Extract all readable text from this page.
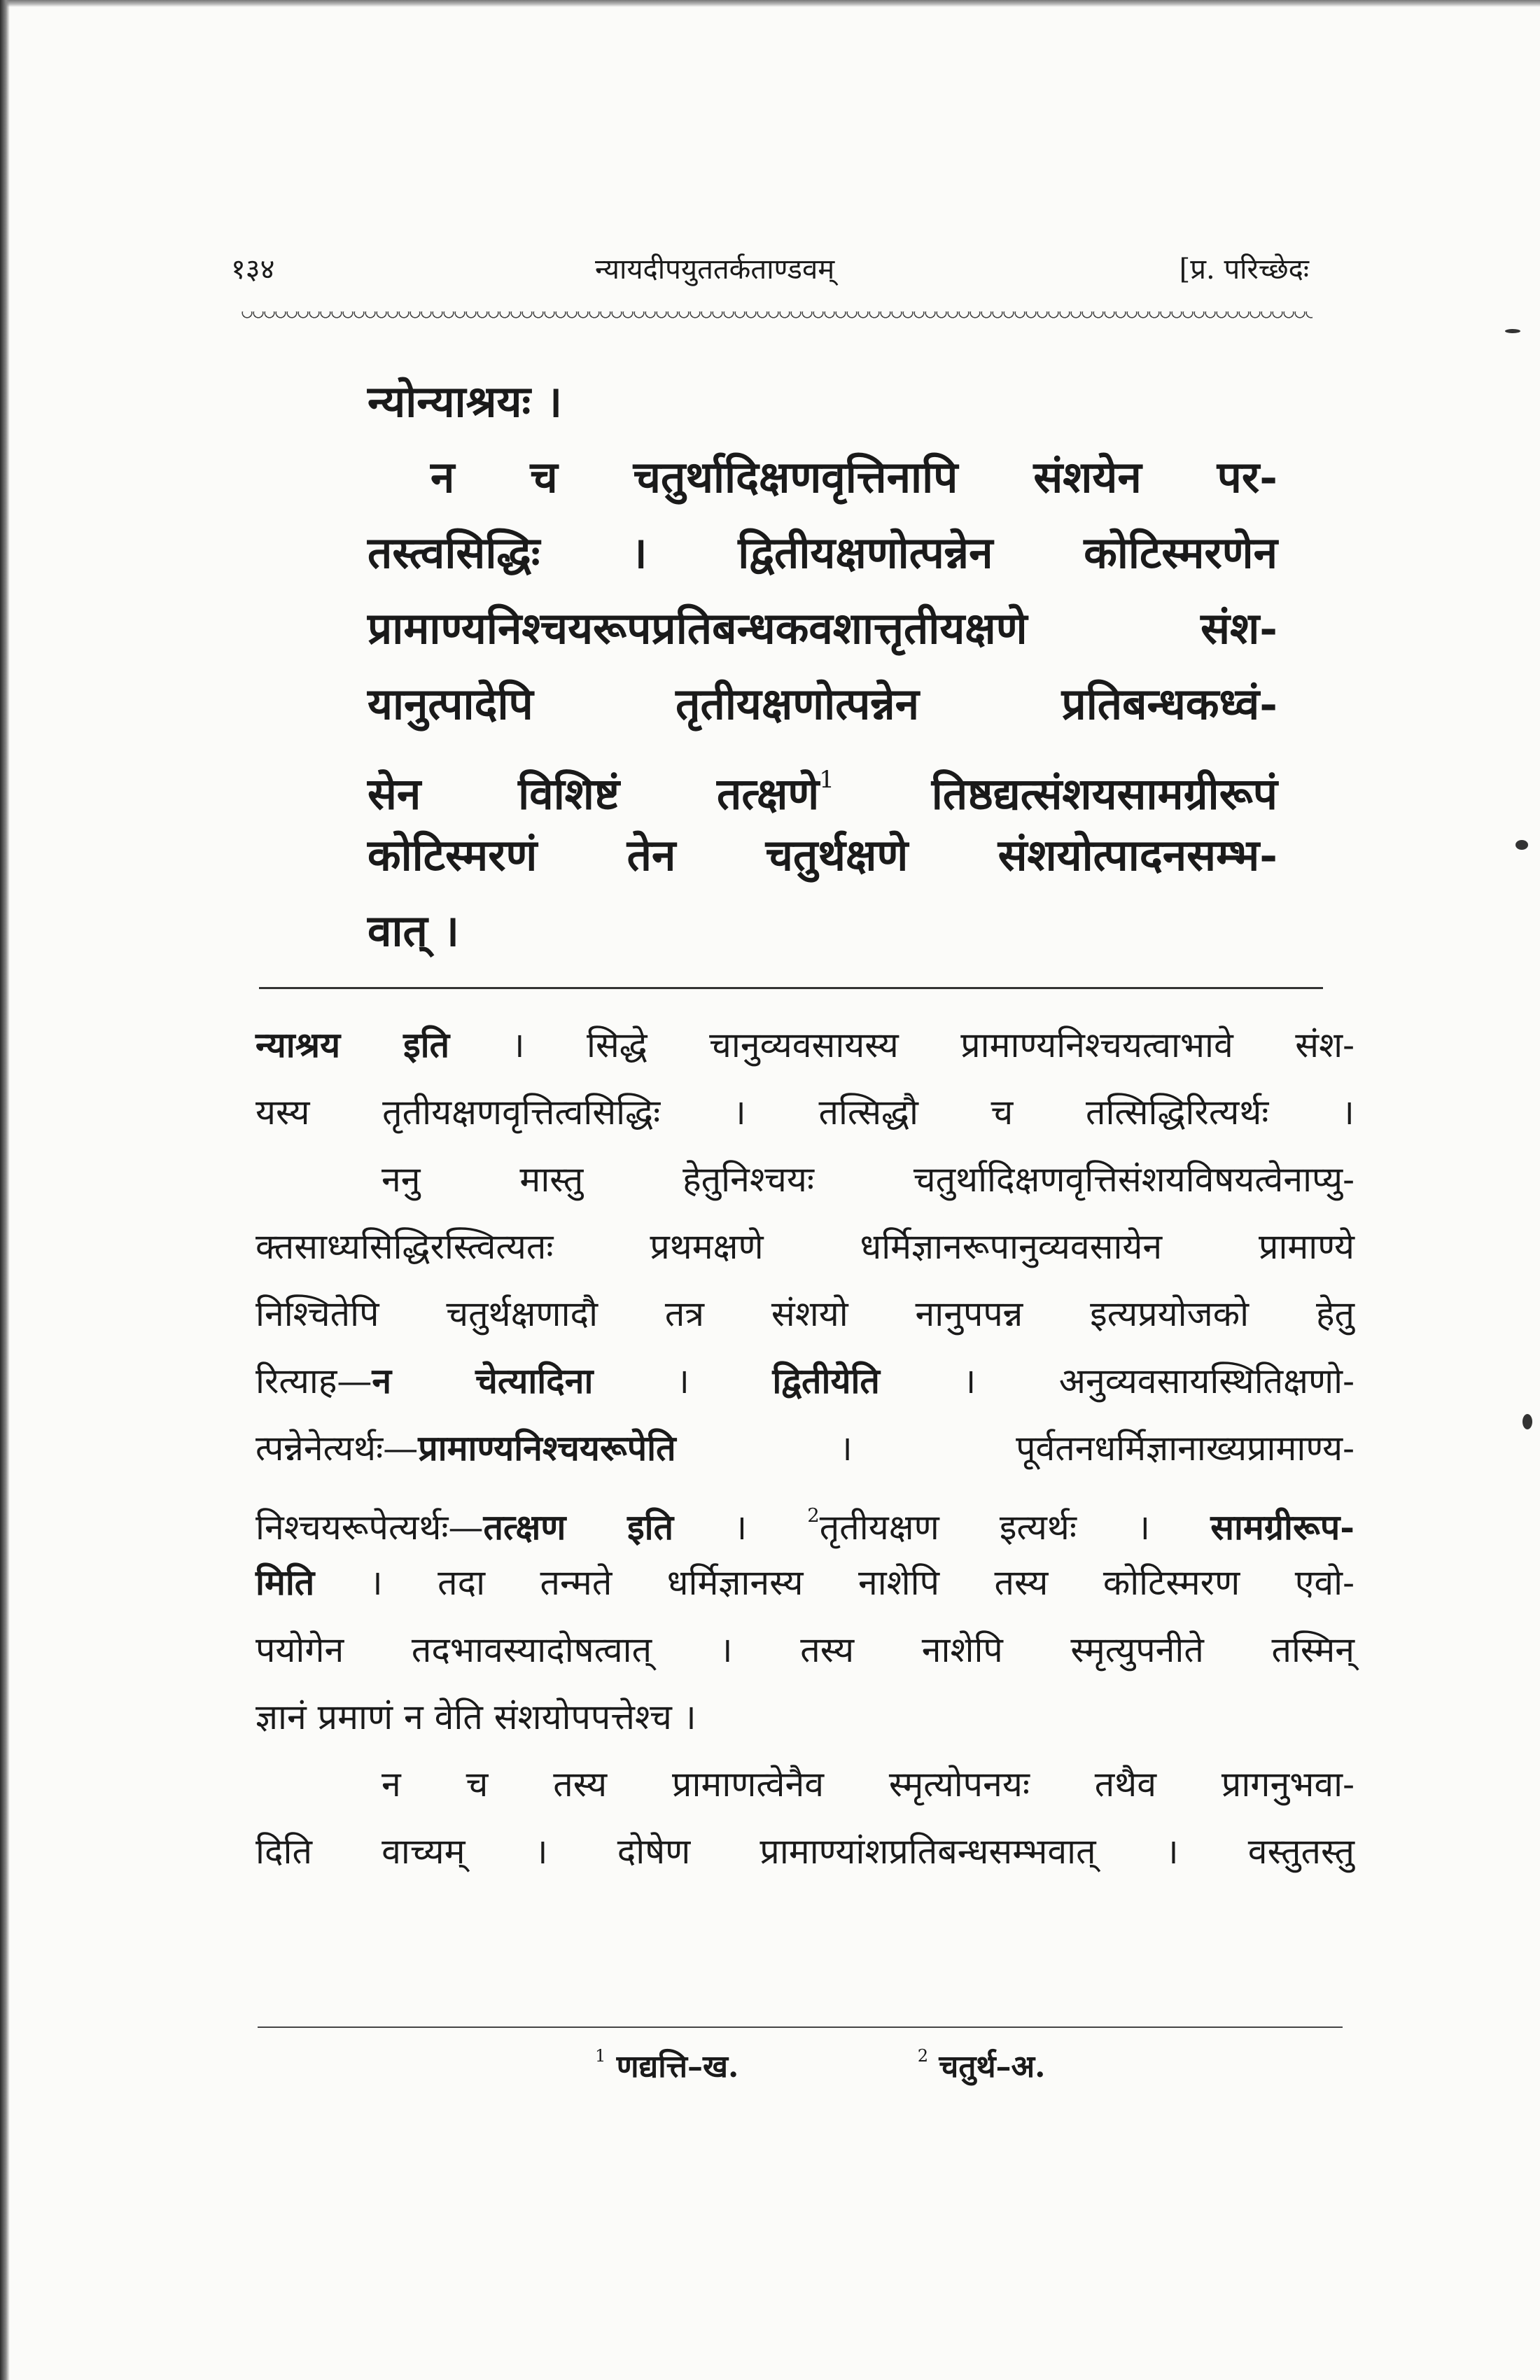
१३४	न्यायदीपयुततर्कताण्डवम्	[प्र. परिच्छेदः
न्योन्याश्रयः ।
न च चतुर्थादिक्षणवृत्तिनापि संशयेन पर-
तस्त्वसिद्धिः । द्वितीयक्षणोत्पन्नेन कोटिस्मरणेन
प्रामाण्यनिश्चयरूपप्रतिबन्धकवशात्तृतीयक्षणे संश-
यानुत्पादेपि तृतीयक्षणोत्पन्नेन प्रतिबन्धकध्वं-
सेन विशिष्टं तत्क्षणे$^1$ तिष्ठद्यत्संशयसामग्रीरूपं
कोटिस्मरणं तेन चतुर्थक्षणे संशयोत्पादनसम्भ-
वात् ।
न्याश्रय इति । सिद्धे चानुव्यवसायस्य प्रामाण्यनिश्चयत्वाभावे संश-
यस्य तृतीयक्षणवृत्तित्वसिद्धिः । तत्सिद्धौ च तत्सिद्धिरित्यर्थः ।
ननु मास्तु हेतुनिश्चयः चतुर्थादिक्षणवृत्तिसंशयविषयत्वेनाप्यु-
क्तसाध्यसिद्धिरस्त्वित्यतः प्रथमक्षणे धर्मिज्ञानरूपानुव्यवसायेन प्रामाण्ये
निश्चितेपि चतुर्थक्षणादौ तत्र संशयो नानुपपन्न इत्यप्रयोजको हेतु
रित्याह—न चेत्यादिना । द्वितीयेति । अनुव्यवसायस्थितिक्षणो-
त्पन्नेनेत्यर्थः—प्रामाण्यनिश्चयरूपेति । पूर्वतनधर्मिज्ञानाख्यप्रामाण्य-
निश्चयरूपेत्यर्थः—तत्क्षण इति । $^2$तृतीयक्षण इत्यर्थः । सामग्रीरूप-
मिति । तदा तन्मते धर्मिज्ञानस्य नाशेपि तस्य कोटिस्मरण एवो-
पयोगेन तदभावस्यादोषत्वात् । तस्य नाशेपि स्मृत्युपनीते तस्मिन्
ज्ञानं प्रमाणं न वेति संशयोपपत्तेश्च ।
न च तस्य प्रामाणत्वेनैव स्मृत्योपनयः तथैव प्रागनुभवा-
दिति वाच्यम् । दोषेण प्रामाण्यांशप्रतिबन्धसम्भवात् । वस्तुतस्तु
$^1$ णद्यत्ति–ख.	$^2$ चतुर्थ–अ.
